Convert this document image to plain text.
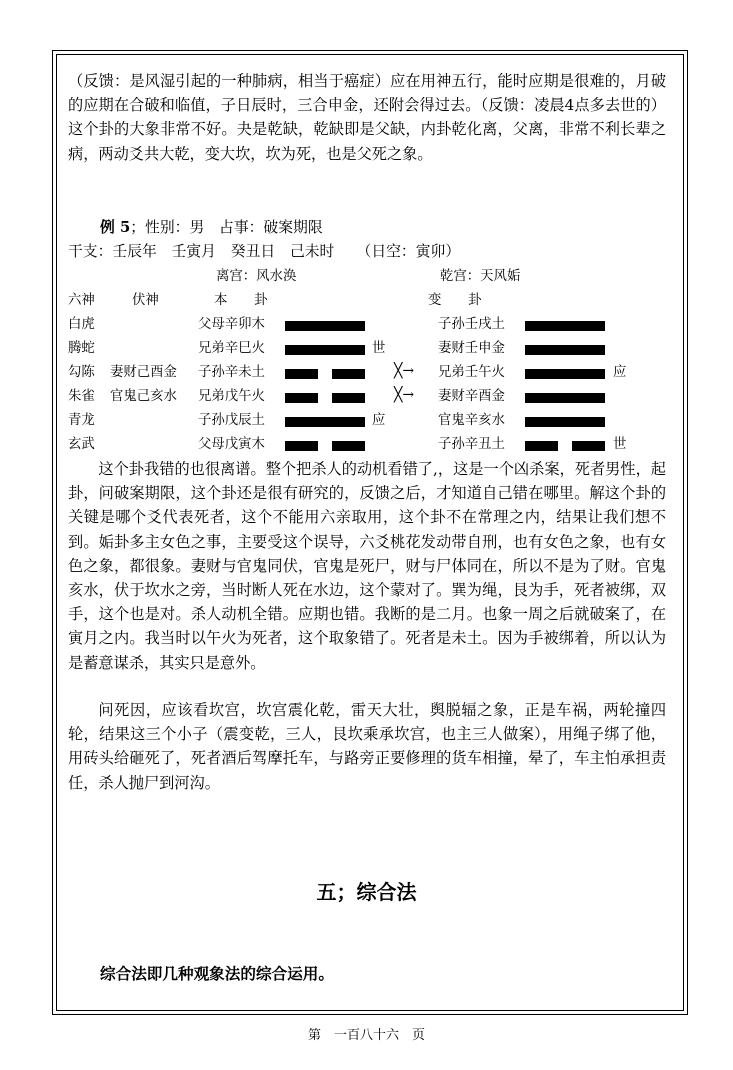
（反馈：是风湿引起的一种肺病，相当于癌症）应在用神五行，能时应期是很难的，月破的应期在合破和临值，子日辰时，三合申金，还附会得过去。（反馈：凌晨4点多去世的）这个卦的大象非常不好。夬是乾缺，乾缺即是父缺，内卦乾化离，父离，非常不利长辈之病，两动爻共大乾，变大坎，坎为死，也是父死之象。

例 5；性别：男　占事：破案期限
干支：壬辰年　壬寅月　癸丑日　己未时　　（日空：寅卯）
离宫：风水涣	乾宫：天风姤
六神	伏神	本　　卦	变　　卦
白虎	父母辛卯木	子孙壬戌土
腾蛇	兄弟辛巳火	世	妻财壬申金
勾陈 妻财己酉金 子孙辛未土	╳→ 兄弟壬午火	应
朱雀 官鬼己亥水 兄弟戊午火	╳→ 妻财辛酉金
青龙	子孙戊辰土	应	官鬼辛亥水
玄武	父母戊寅木	子孙辛丑土	世

这个卦我错的也很离谱。整个把杀人的动机看错了,，这是一个凶杀案，死者男性，起卦，问破案期限，这个卦还是很有研究的，反馈之后，才知道自己错在哪里。解这个卦的关键是哪个爻代表死者，这个不能用六亲取用，这个卦不在常理之内，结果让我们想不到。姤卦多主女色之事，主要受这个误导，六爻桃花发动带自刑，也有女色之象，也有女色之象，都很象。妻财与官鬼同伏，官鬼是死尸，财与尸体同在，所以不是为了财。官鬼亥水，伏于坎水之旁，当时断人死在水边，这个蒙对了。巽为绳，艮为手，死者被绑，双手，这个也是对。杀人动机全错。应期也错。我断的是二月。也象一周之后就破案了，在寅月之内。我当时以午火为死者，这个取象错了。死者是未土。因为手被绑着，所以认为是蓄意谋杀，其实只是意外。

问死因，应该看坎宫，坎宫震化乾，雷天大壮，舆脱辐之象，正是车祸，两轮撞四轮，结果这三个小子（震变乾，三人，艮坎乘承坎宫，也主三人做案），用绳子绑了他，用砖头给砸死了，死者酒后驾摩托车，与路旁正要修理的货车相撞，晕了，车主怕承担责任，杀人抛尸到河沟。

五；综合法
综合法即几种观象法的综合运用。
第　一百八十六　页
